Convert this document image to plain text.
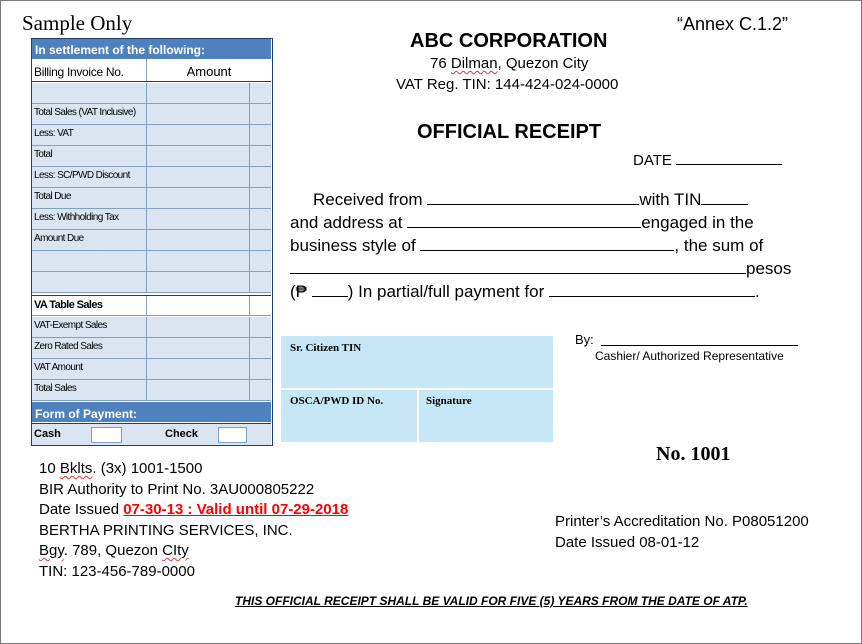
Sample Only	“Annex C.1.2”
In settlement of the following:
Billing Invoice No.	Amount
Total Sales (VAT Inclusive)
Less: VAT
Total
Less: SC/PWD Discount
Total Due
Less: Withholding Tax
Amount Due
VA Table Sales
VAT-Exempt Sales
Zero Rated Sales
VAT Amount
Total Sales
Form of Payment:
Cash	Check
ABC CORPORATION
76 Dilman, Quezon City
VAT Reg. TIN: 144-424-024-0000
OFFICIAL RECEIPT
DATE
Received from	with TIN
and address at	engaged in the
business style of	, the sum of
pesos
(₱ ) In partial/full payment for	.
Sr. Citizen TIN
OSCA/PWD ID No.	Signature
By:
Cashier/ Authorized Representative
No. 1001
10 Bklts. (3x) 1001-1500
BIR Authority to Print No. 3AU000805222
Date Issued 07-30-13 : Valid until 07-29-2018
BERTHA PRINTING SERVICES, INC.
Bgy. 789, Quezon CIty
TIN: 123-456-789-0000
Printer’s Accreditation No. P08051200
Date Issued 08-01-12
THIS OFFICIAL RECEIPT SHALL BE VALID FOR FIVE (5) YEARS FROM THE DATE OF ATP.
